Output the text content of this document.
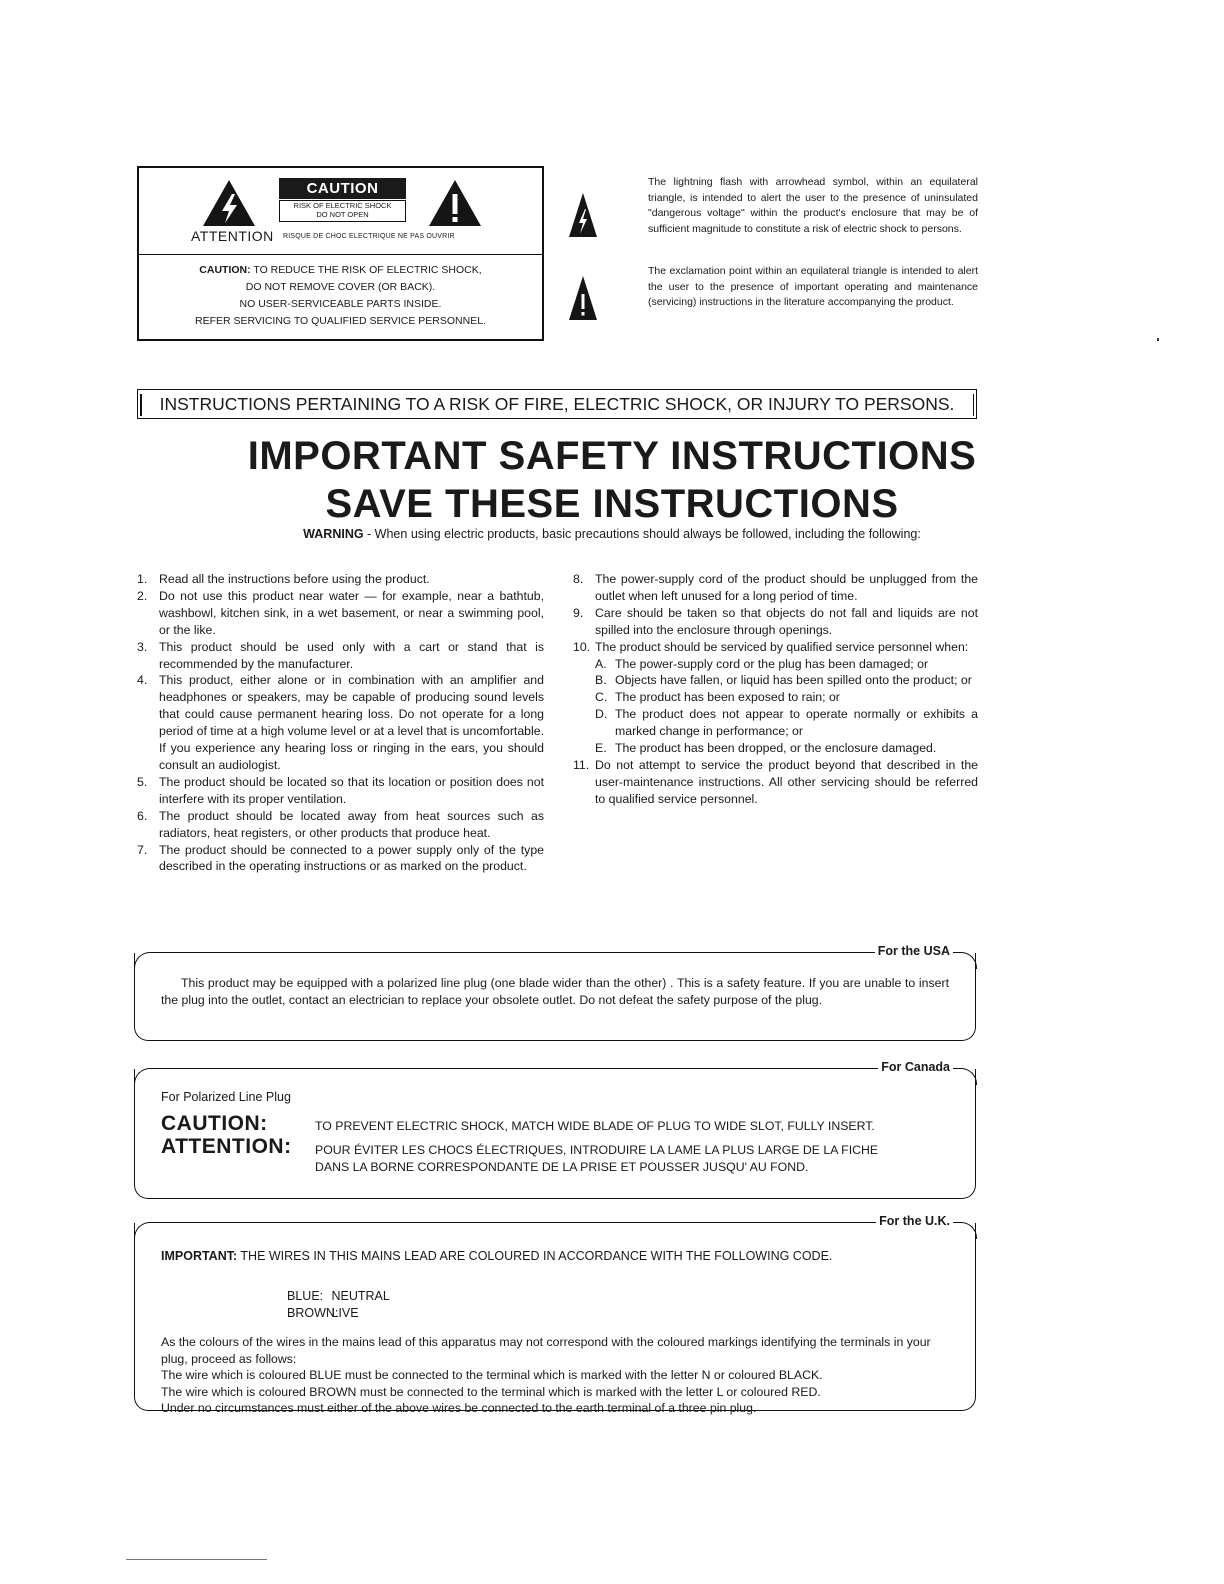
CAUTION
RISK OF ELECTRIC SHOCK
DO NOT OPEN
ATTENTION RISQUE DE CHOC ELECTRIQUE NE PAS OUVRIR
CAUTION: TO REDUCE THE RISK OF ELECTRIC SHOCK,
DO NOT REMOVE COVER (OR BACK).
NO USER-SERVICEABLE PARTS INSIDE.
REFER SERVICING TO QUALIFIED SERVICE PERSONNEL.
The lightning flash with arrowhead symbol, within an equilateral triangle, is intended to alert the user to the presence of uninsulated "dangerous voltage" within the product's enclosure that may be of sufficient magnitude to constitute a risk of electric shock to persons.
The exclamation point within an equilateral triangle is intended to alert the user to the presence of important operating and maintenance (servicing) instructions in the literature accompanying the product.
INSTRUCTIONS PERTAINING TO A RISK OF FIRE, ELECTRIC SHOCK, OR INJURY TO PERSONS.
IMPORTANT SAFETY INSTRUCTIONS
SAVE THESE INSTRUCTIONS
WARNING - When using electric products, basic precautions should always be followed, including the following:
1. Read all the instructions before using the product.
2. Do not use this product near water — for example, near a bathtub, washbowl, kitchen sink, in a wet basement, or near a swimming pool, or the like.
3. This product should be used only with a cart or stand that is recommended by the manufacturer.
4. This product, either alone or in combination with an amplifier and headphones or speakers, may be capable of producing sound levels that could cause permanent hearing loss. Do not operate for a long period of time at a high volume level or at a level that is uncomfortable. If you experience any hearing loss or ringing in the ears, you should consult an audiologist.
5. The product should be located so that its location or position does not interfere with its proper ventilation.
6. The product should be located away from heat sources such as radiators, heat registers, or other products that produce heat.
7. The product should be connected to a power supply only of the type described in the operating instructions or as marked on the product.
8. The power-supply cord of the product should be unplugged from the outlet when left unused for a long period of time.
9. Care should be taken so that objects do not fall and liquids are not spilled into the enclosure through openings.
10. The product should be serviced by qualified service personnel when:
A. The power-supply cord or the plug has been damaged; or
B. Objects have fallen, or liquid has been spilled onto the product; or
C. The product has been exposed to rain; or
D. The product does not appear to operate normally or exhibits a marked change in performance; or
E. The product has been dropped, or the enclosure damaged.
11. Do not attempt to service the product beyond that described in the user-maintenance instructions. All other servicing should be referred to qualified service personnel.
For the USA
This product may be equipped with a polarized line plug (one blade wider than the other) . This is a safety feature. If you are unable to insert the plug into the outlet, contact an electrician to replace your obsolete outlet. Do not defeat the safety purpose of the plug.
For Canada
For Polarized Line Plug
CAUTION:	TO PREVENT ELECTRIC SHOCK, MATCH WIDE BLADE OF PLUG TO WIDE SLOT, FULLY INSERT.
ATTENTION: POUR ÉVITER LES CHOCS ÉLECTRIQUES, INTRODUIRE LA LAME LA PLUS LARGE DE LA FICHE
DANS LA BORNE CORRESPONDANTE DE LA PRISE ET POUSSER JUSQU' AU FOND.
For the U.K.
IMPORTANT: THE WIRES IN THIS MAINS LEAD ARE COLOURED IN ACCORDANCE WITH THE FOLLOWING CODE.
BLUE: NEUTRAL
BROWN: LIVE
As the colours of the wires in the mains lead of this apparatus may not correspond with the coloured markings identifying the terminals in your plug, proceed as follows:
The wire which is coloured BLUE must be connected to the terminal which is marked with the letter N or coloured BLACK.
The wire which is coloured BROWN must be connected to the terminal which is marked with the letter L or coloured RED.
Under no circumstances must either of the above wires be connected to the earth terminal of a three pin plug.
